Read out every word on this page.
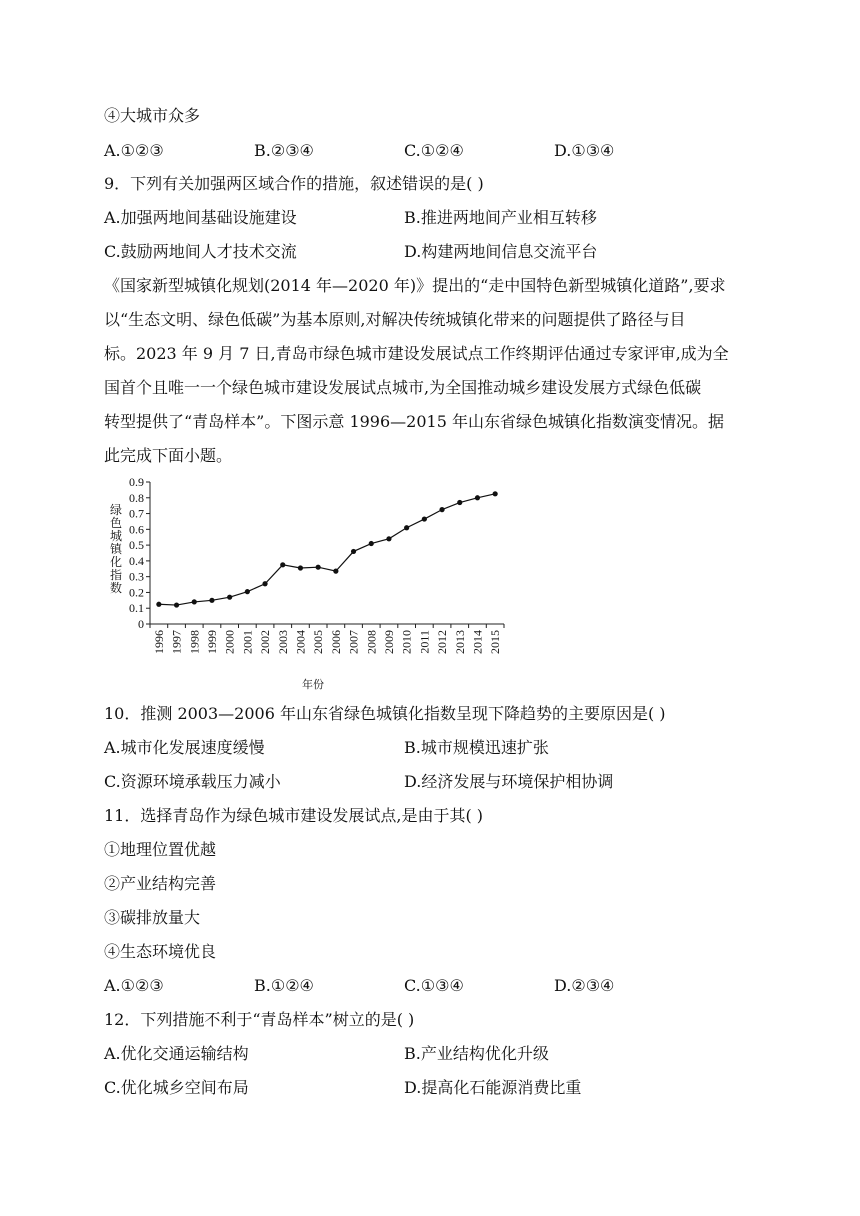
④大城市众多
A.①②③	B.②③④	C.①②④	D.①③④
9．下列有关加强两区域合作的措施，叙述错误的是( )
A.加强两地间基础设施建设	B.推进两地间产业相互转移
C.鼓励两地间人才技术交流	D.构建两地间信息交流平台
《国家新型城镇化规划(2014 年—2020 年)》提出的“走中国特色新型城镇化道路”,要求
以“生态文明、绿色低碳”为基本原则,对解决传统城镇化带来的问题提供了路径与目
标。2023 年 9 月 7 日,青岛市绿色城市建设发展试点工作终期评估通过专家评审,成为全
国首个且唯一一个绿色城市建设发展试点城市,为全国推动城乡建设发展方式绿色低碳
转型提供了“青岛样本”。下图示意 1996—2015 年山东省绿色城镇化指数演变情况。据
此完成下面小题。
0
0.1
0.2
0.3
0.4
0.5
0.6
0.7
0.8
0.9
1996 1997 1998 1999 2000 2001 2002 2003 2004 2005 2006 2007 2008 2009 2010 2011 2012 2013 2014 2015
绿色城镇化指数
年份
10．推测 2003—2006 年山东省绿色城镇化指数呈现下降趋势的主要原因是( )
A.城市化发展速度缓慢	B.城市规模迅速扩张
C.资源环境承载压力减小	D.经济发展与环境保护相协调
11．选择青岛作为绿色城市建设发展试点,是由于其( )
①地理位置优越
②产业结构完善
③碳排放量大
④生态环境优良
A.①②③	B.①②④	C.①③④	D.②③④
12．下列措施不利于“青岛样本”树立的是( )
A.优化交通运输结构	B.产业结构优化升级
C.优化城乡空间布局	D.提高化石能源消费比重
